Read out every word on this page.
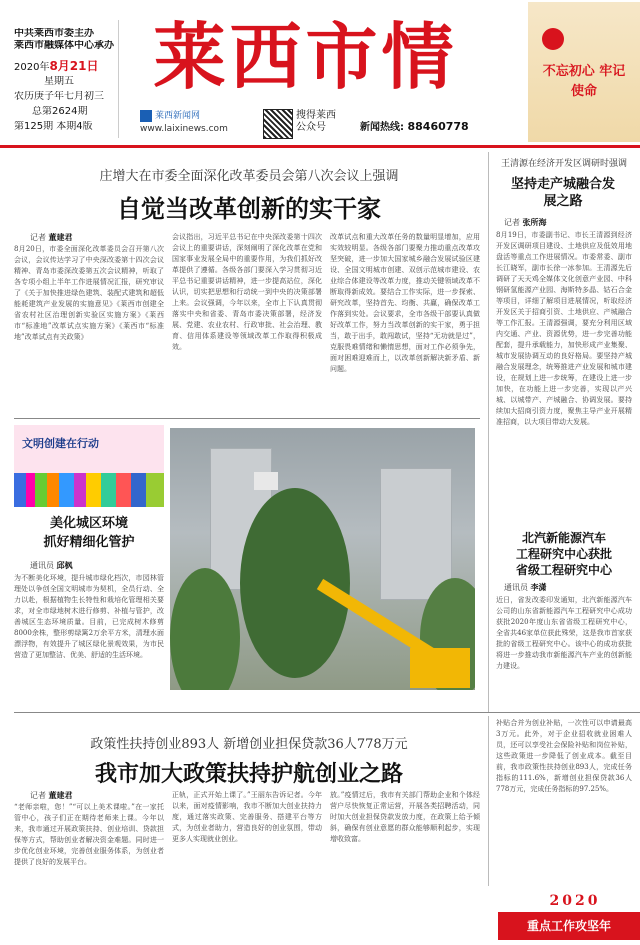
中共莱西市委主办
莱西市融媒体中心承办
2020年8月21日
星期五
农历庚子年七月初三
总第2624期
第125期 本期4版
莱西市情
莱西新闻网
www.laixinews.com
搜得莱西
公众号	新闻热线: 88460778
不忘初心 牢记使命
庄增大在市委全面深化改革委员会第八次会议上强调
自觉当改革创新的实干家
记者 董建君
8月20日，市委全面深化改革委员会召开第八次会议，会议传达学习了中央深改委第十四次会议精神、青岛市委深改委第五次会议精神，听取了各专项小组上半年工作进展情况汇报，研究审议了《关于加快推进绿色建筑、装配式建筑和超低能耗建筑产业发展的实施意见》《莱西市创建全省农村社区治理创新实验区实施方案》《莱西市“标准地”改革试点实施方案》《莱西市“标准地”改革试点有关政策》
会议指出，习近平总书记在中央深改委第十四次会议上的重要讲话，深刻阐明了深化改革在党和国家事业发展全局中的重要作用，为我们抓好改革提供了遵循。各级各部门要深入学习贯彻习近平总书记重要讲话精神，进一步提高站位，深化认识，切实把思想和行动统一到中央的决策部署上来。会议强调，今年以来，全市上下认真贯彻落实中央和省委、青岛市委决策部署，经济发展、党建、农业农村、行政审批、社会治理、教育、信用体系建设等领域改革工作取得积极成效。
改革试点和重大改革任务的数量明显增加，应用实效较明显。各级各部门要聚力推动重点改革攻坚突破，进一步加大国家城乡融合发展试验区建设、全国文明城市创建、双创示范城市建设、农业综合体建设等改革力度，推动关键领域改革不断取得新成效。要结合工作实际，进一步探索、研究改革，坚持首先、均衡、共赢，确保改革工作落到实处。会议要求，全市各级干部要认真做好改革工作，努力当改革创新的实干家，勇于担当，敢于出手，敢闯敢试，坚持“无功就是过”，克服畏难情绪和懒惰思想，面对工作必须争先，面对困难迎难而上，以改革创新解决新矛盾、新问题。
王清源在经济开发区调研时强调
坚持走产城融合发展之路
记者 张所海
8月19日，市委副书记、市长王清源到经济开发区调研项目建设、土地供应及低效用地盘活等重点工作进展情况。市委常委、副市长江晓军，副市长徐一冰参加。王清源先后调研了天天鸡全媒体文化创意产业园、中科钢研氢能源产业园、海斯特多晶、钴石合金等项目，详细了解项目进展情况，听取经济开发区关于招商引资、土地供应、产城融合等工作汇报。王清源强调，要充分利用区域内交通、产业、资源优势，进一步完善功能配套，提升承载能力，加快形成产业集聚、城市发展协调互动的良好格局。要坚持产城融合发展理念，统筹推进产业发展和城市建设，在规划上进一步统筹，在建设上进一步加快，在功能上进一步完善，实现以产兴城、以城带产、产城融合、协调发展。要持续加大招商引资力度，聚焦主导产业开展精准招商，以大项目带动大发展。
文明创建在行动
美化城区环境
抓好精细化管护
通讯员 邱枫
为不断美化环境，提升城市绿化档次，市园林管理处以争创全国文明城市为契机，全员行动、全力以赴，根据植物生长特性和栽培化管理相关要求，对全市绿地树木进行修剪、补植与管护，改善城区生态环境质量。目前，已完成树木修剪8000余株，整形剪绿篱2万余平方米，清理水面漂浮物，有效提升了城区绿化景观效果，为市民营造了更加整洁、优美、舒适的生活环境。
北汽新能源汽车
工程研究中心获批
省级工程研究中心
通讯员 李潇
近日，省发改委印发通知，北汽新能源汽车公司的山东省新能源汽车工程研究中心成功获批2020年度山东省省级工程研究中心，全省共46家单位获此殊荣，这是我市首家获批的省级工程研究中心。该中心的成功获批将进一步推动我市新能源汽车产业的创新能力建设。
政策性扶持创业893人 新增创业担保贷款36人778万元
我市加大政策扶持护航创业之路
记者 董建君
“老师亲啦，您！”“可以上美术课啦。”在一家托管中心，孩子们正在期待老师来上课。今年以来，我市通过开展政策扶持、创业培训、贷款担保等方式，帮助创业者解决资金难题。同时进一步优化创业环境，完善创业服务体系，为创业者提供了良好的发展平台。
正轨，正式开始上课了。”王丽东告诉记者。今年以来，面对疫情影响，我市不断加大创业扶持力度，通过落实政策、完善服务、搭建平台等方式，为创业者助力，营造良好的创业氛围，带动更多人实现就业创业。
放。”疫情过后，我市有关部门帮助企业和个体经营户尽快恢复正常运营，开展各类招聘活动，同时加大创业担保贷款发放力度，在政策上给予倾斜，确保有创业意愿的群众能够顺利起步，实现增收致富。
补贴合并为创业补贴，一次性可以申请最高3万元。此外，对于企业招收就业困难人员，还可以享受社会保险补贴和岗位补贴，这些政策进一步降低了创业成本。截至目前，我市政策性扶持创业893人，完成任务指标的111.6%，新增创业担保贷款36人778万元，完成任务指标的97.25%。
2020
重点工作攻坚年
